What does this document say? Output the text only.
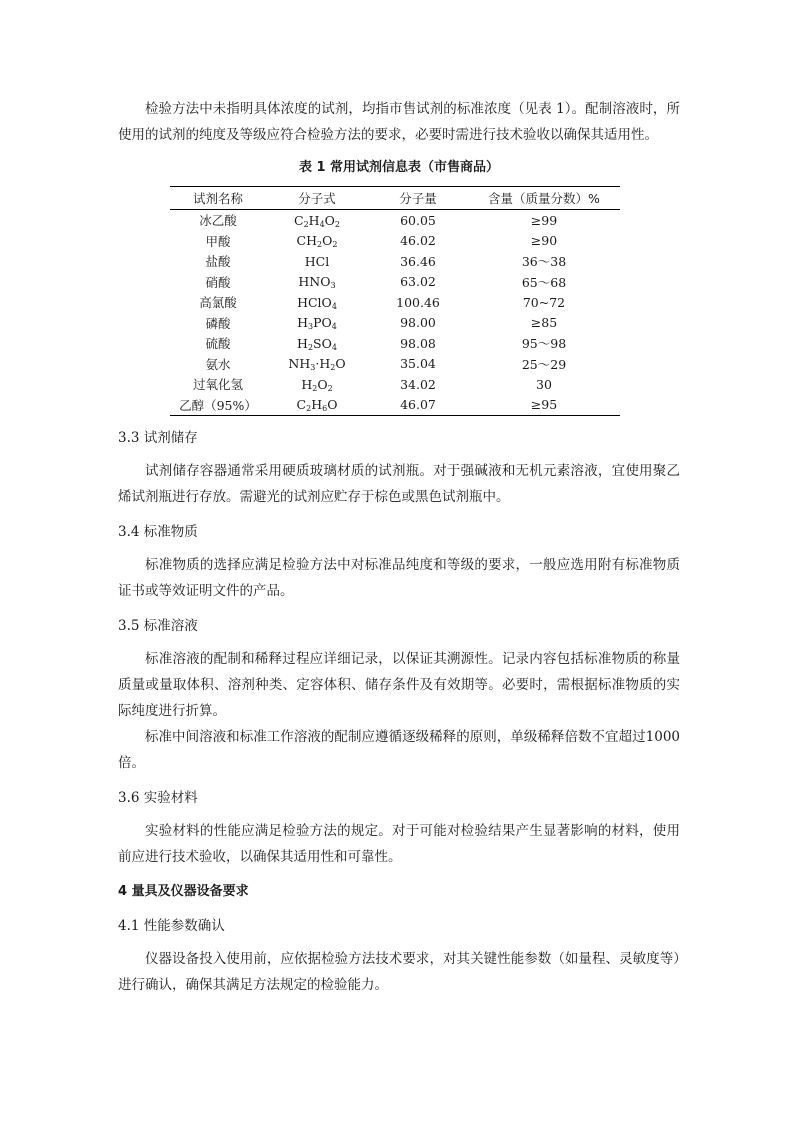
检验方法中未指明具体浓度的试剂，均指市售试剂的标准浓度（见表 1）。配制溶液时，所使用的试剂的纯度及等级应符合检验方法的要求，必要时需进行技术验收以确保其适用性。

表 1 常用试剂信息表（市售商品）
试剂名称	分子式	分子量	含量（质量分数）%
冰乙酸	$C_2H_4O_2$	60.05	≥99
甲酸	$CH_2O_2$	46.02	≥90
盐酸	HCl	36.46	36～38
硝酸	$HNO_3$	63.02	65～68
高氯酸	HClO$_4$	100.46	70~72
磷酸	$H_3PO_4$	98.00	≥85
硫酸	$H_2SO_4$	98.08	95～98
氨水	$NH_3\cdot H_2O$	35.04	25～29
过氧化氢	$H_2O_2$	34.02	30
乙醇（95%）	$C_2H_6O$	46.07	≥95

3.3 试剂储存

试剂储存容器通常采用硬质玻璃材质的试剂瓶。对于强碱液和无机元素溶液，宜使用聚乙烯试剂瓶进行存放。需避光的试剂应贮存于棕色或黑色试剂瓶中。

3.4 标准物质

标准物质的选择应满足检验方法中对标准品纯度和等级的要求，一般应选用附有标准物质证书或等效证明文件的产品。

3.5 标准溶液

标准溶液的配制和稀释过程应详细记录，以保证其溯源性。记录内容包括标准物质的称量质量或量取体积、溶剂种类、定容体积、储存条件及有效期等。必要时，需根据标准物质的实际纯度进行折算。

标准中间溶液和标准工作溶液的配制应遵循逐级稀释的原则，单级稀释倍数不宜超过1000 倍。

3.6 实验材料

实验材料的性能应满足检验方法的规定。对于可能对检验结果产生显著影响的材料，使用前应进行技术验收，以确保其适用性和可靠性。

4 量具及仪器设备要求

4.1 性能参数确认

仪器设备投入使用前，应依据检验方法技术要求，对其关键性能参数（如量程、灵敏度等）进行确认，确保其满足方法规定的检验能力。
